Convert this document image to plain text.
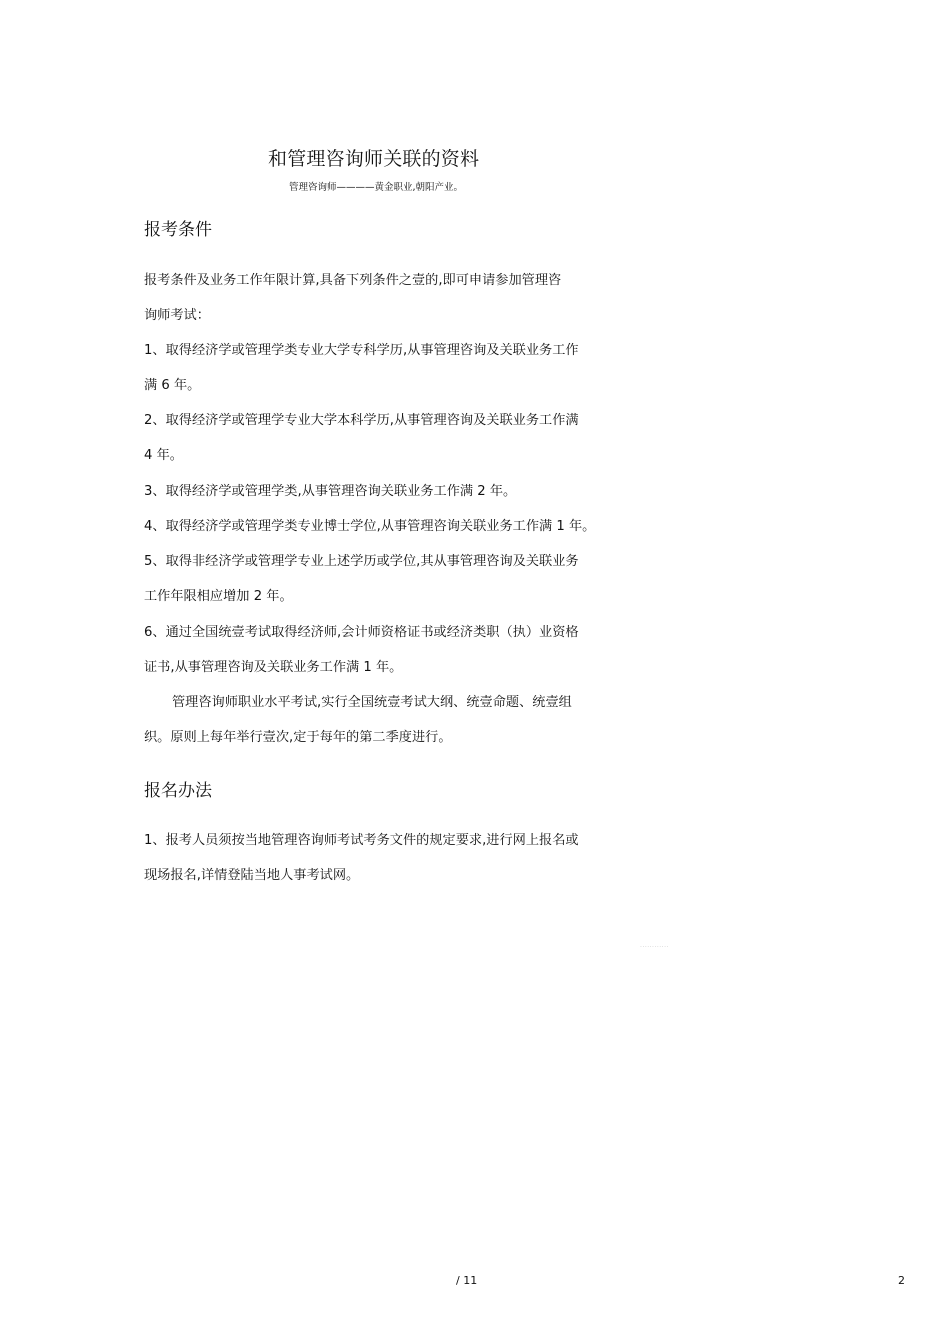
和管理咨询师关联的资料
管理咨询师————黄金职业,朝阳产业。
报考条件
报考条件及业务工作年限计算,具备下列条件之壹的,即可申请参加管理咨
询师考试：
1、取得经济学或管理学类专业大学专科学历,从事管理咨询及关联业务工作
满 6 年。
2、取得经济学或管理学专业大学本科学历,从事管理咨询及关联业务工作满
4 年。
3、取得经济学或管理学类,从事管理咨询关联业务工作满 2 年。
4、取得经济学或管理学类专业博士学位,从事管理咨询关联业务工作满 1 年。
5、取得非经济学或管理学专业上述学历或学位,其从事管理咨询及关联业务
工作年限相应增加 2 年。
6、通过全国统壹考试取得经济师,会计师资格证书或经济类职（执）业资格
证书,从事管理咨询及关联业务工作满 1 年。
管理咨询师职业水平考试,实行全国统壹考试大纲、统壹命题、统壹组
织。原则上每年举行壹次,定于每年的第二季度进行。
报名办法
1、报考人员须按当地管理咨询师考试考务文件的规定要求,进行网上报名或
现场报名,详情登陆当地人事考试网。
............
/ 11	2
